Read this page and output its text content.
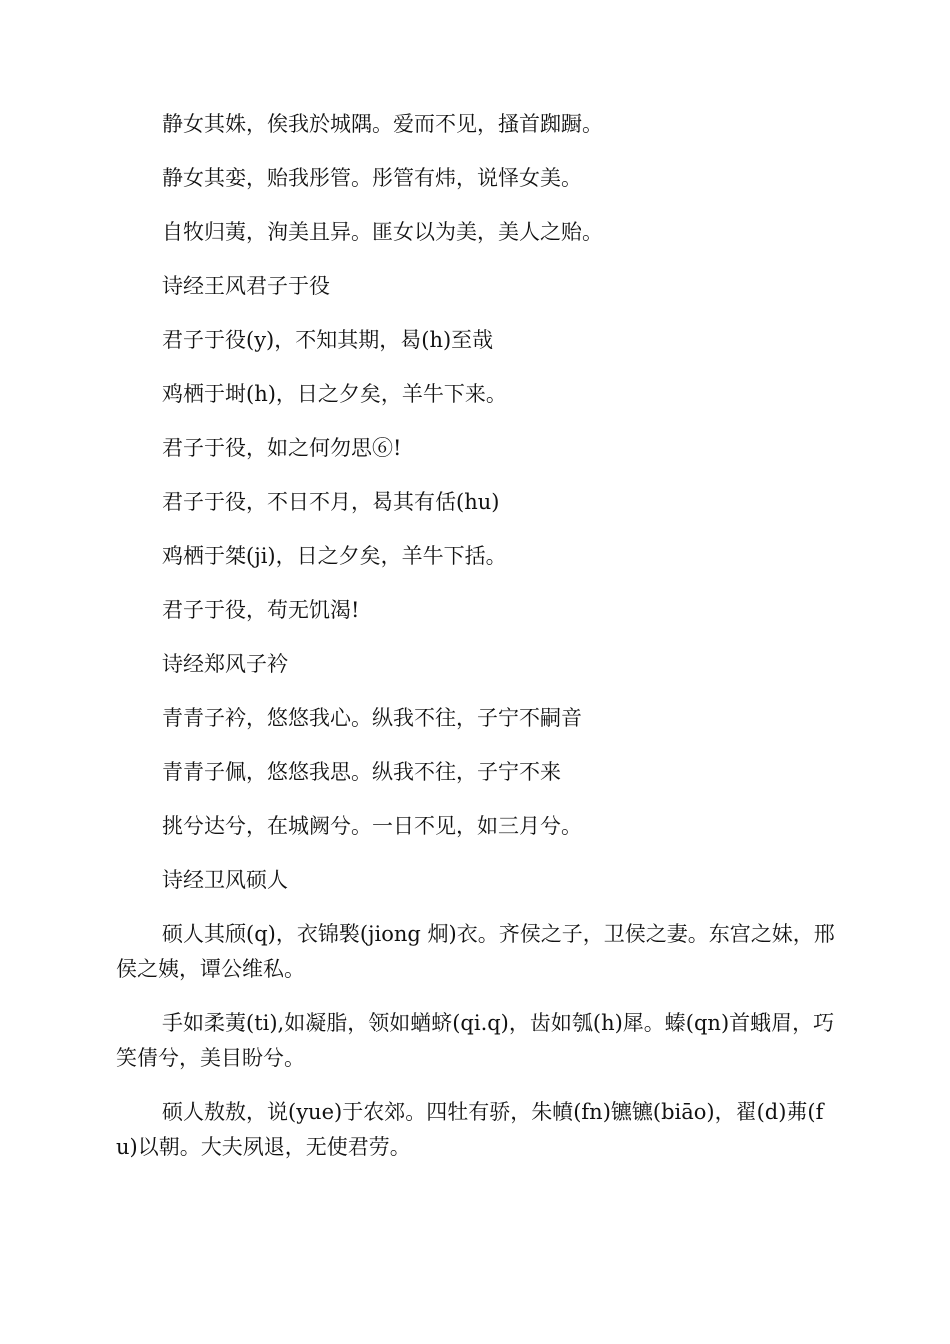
静女其姝，俟我於城隅。爱而不见，搔首踟蹰。

静女其娈，贻我彤管。彤管有炜，说怿女美。

自牧归荑，洵美且异。匪女以为美，美人之贻。

诗经王风君子于役

君子于役(y)，不知其期，曷(h)至哉

鸡栖于埘(h)，日之夕矣，羊牛下来。

君子于役，如之何勿思⑥!

君子于役，不日不月，曷其有佸(hu)

鸡栖于桀(ji)，日之夕矣，羊牛下括。

君子于役，苟无饥渴!

诗经郑风子衿

青青子衿，悠悠我心。纵我不往，子宁不嗣音

青青子佩，悠悠我思。纵我不往，子宁不来

挑兮达兮，在城阙兮。一日不见，如三月兮。

诗经卫风硕人

硕人其颀(q)，衣锦褧(jiong 炯)衣。齐侯之子，卫侯之妻。东宫之妹，邢侯之姨，谭公维私。

手如柔荑(ti),如凝脂，领如蝤蛴(qi.q)，齿如瓠(h)犀。螓(qn)首蛾眉，巧笑倩兮，美目盼兮。

硕人敖敖，说(yue)于农郊。四牡有骄，朱幩(fn)镳镳(biāo)，翟(d)茀(fu)以朝。大夫夙退，无使君劳。
